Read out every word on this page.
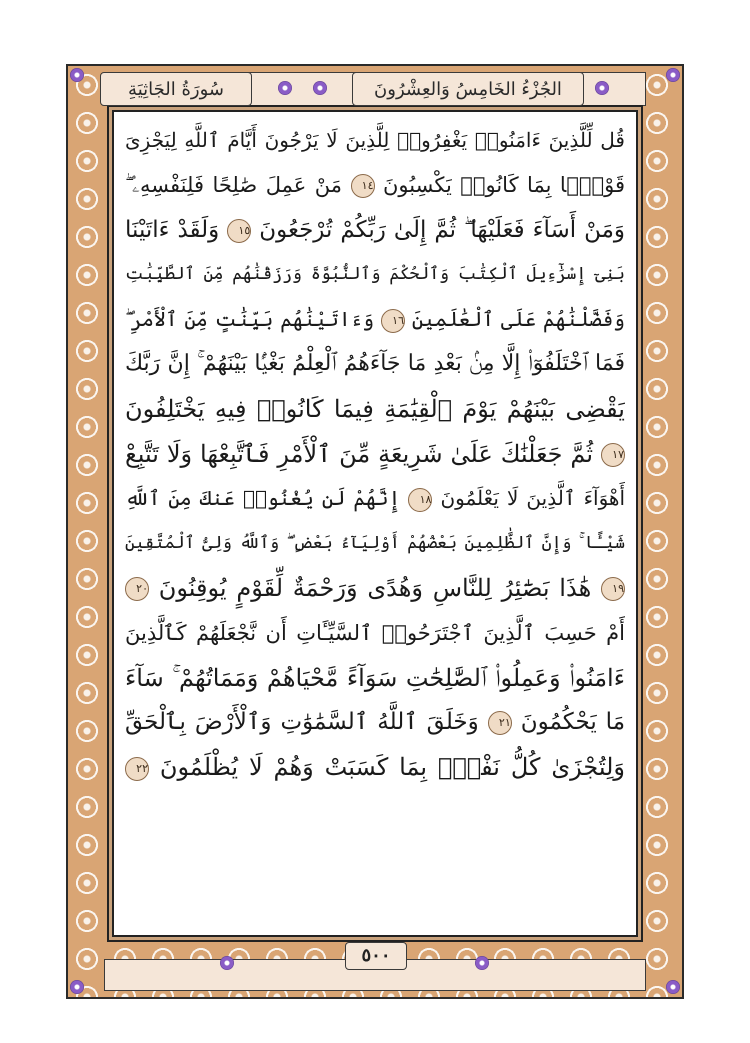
الجُزْءُ الخَامِسُ وَالعِشْرُونَ
سُورَةُ الجَاثِيَةِ
قُل لِّلَّذِينَ ءَامَنُوا۟ يَغْفِرُوا۟ لِلَّذِينَ لَا يَرْجُونَ أَيَّامَ ٱللَّهِ لِيَجْزِىَ
قَوْمًۢا بِمَا كَانُوا۟ يَكْسِبُونَ ١٤ مَنْ عَمِلَ صَٰلِحًا فَلِنَفْسِهِۦ ۖ
وَمَنْ أَسَآءَ فَعَلَيْهَا ۖ ثُمَّ إِلَىٰ رَبِّكُمْ تُرْجَعُونَ ١٥ وَلَقَدْ ءَاتَيْنَا
بَنِىٓ إِسْرَٰٓءِيلَ ٱلْكِتَٰبَ وَٱلْحُكْمَ وَٱلنُّبُوَّةَ وَرَزَقْنَٰهُم مِّنَ ٱلطَّيِّبَٰتِ
وَفَضَّلْنَٰهُمْ عَلَى ٱلْعَٰلَمِينَ ١٦ وَءَاتَيْنَٰهُم بَيِّنَٰتٍ مِّنَ ٱلْأَمْرِ ۖ
فَمَا ٱخْتَلَفُوٓا۟ إِلَّا مِنۢ بَعْدِ مَا جَآءَهُمُ ٱلْعِلْمُ بَغْيًۢا بَيْنَهُمْ ۚ إِنَّ رَبَّكَ
يَقْضِى بَيْنَهُمْ يَوْمَ ٱلْقِيَٰمَةِ فِيمَا كَانُوا۟ فِيهِ يَخْتَلِفُونَ
١٧ ثُمَّ جَعَلْنَٰكَ عَلَىٰ شَرِيعَةٍ مِّنَ ٱلْأَمْرِ فَٱتَّبِعْهَا وَلَا تَتَّبِعْ
أَهْوَآءَ ٱلَّذِينَ لَا يَعْلَمُونَ ١٨ إِنَّهُمْ لَن يُغْنُوا۟ عَنكَ مِنَ ٱللَّهِ
شَيْـًٔا ۚ وَإِنَّ ٱلظَّٰلِمِينَ بَعْضُهُمْ أَوْلِيَآءُ بَعْضٍ ۖ وَٱللَّهُ وَلِىُّ ٱلْمُتَّقِينَ
١٩ هَٰذَا بَصَٰٓئِرُ لِلنَّاسِ وَهُدًى وَرَحْمَةٌ لِّقَوْمٍ يُوقِنُونَ ٢٠
أَمْ حَسِبَ ٱلَّذِينَ ٱجْتَرَحُوا۟ ٱلسَّيِّـَٔاتِ أَن نَّجْعَلَهُمْ كَٱلَّذِينَ
ءَامَنُوا۟ وَعَمِلُوا۟ ٱلصَّٰلِحَٰتِ سَوَآءً مَّحْيَاهُمْ وَمَمَاتُهُمْ ۚ سَآءَ
مَا يَحْكُمُونَ ٢١ وَخَلَقَ ٱللَّهُ ٱلسَّمَٰوَٰتِ وَٱلْأَرْضَ بِٱلْحَقِّ
وَلِتُجْزَىٰ كُلُّ نَفْسٍۭ بِمَا كَسَبَتْ وَهُمْ لَا يُظْلَمُونَ ٢٢
٥٠٠
